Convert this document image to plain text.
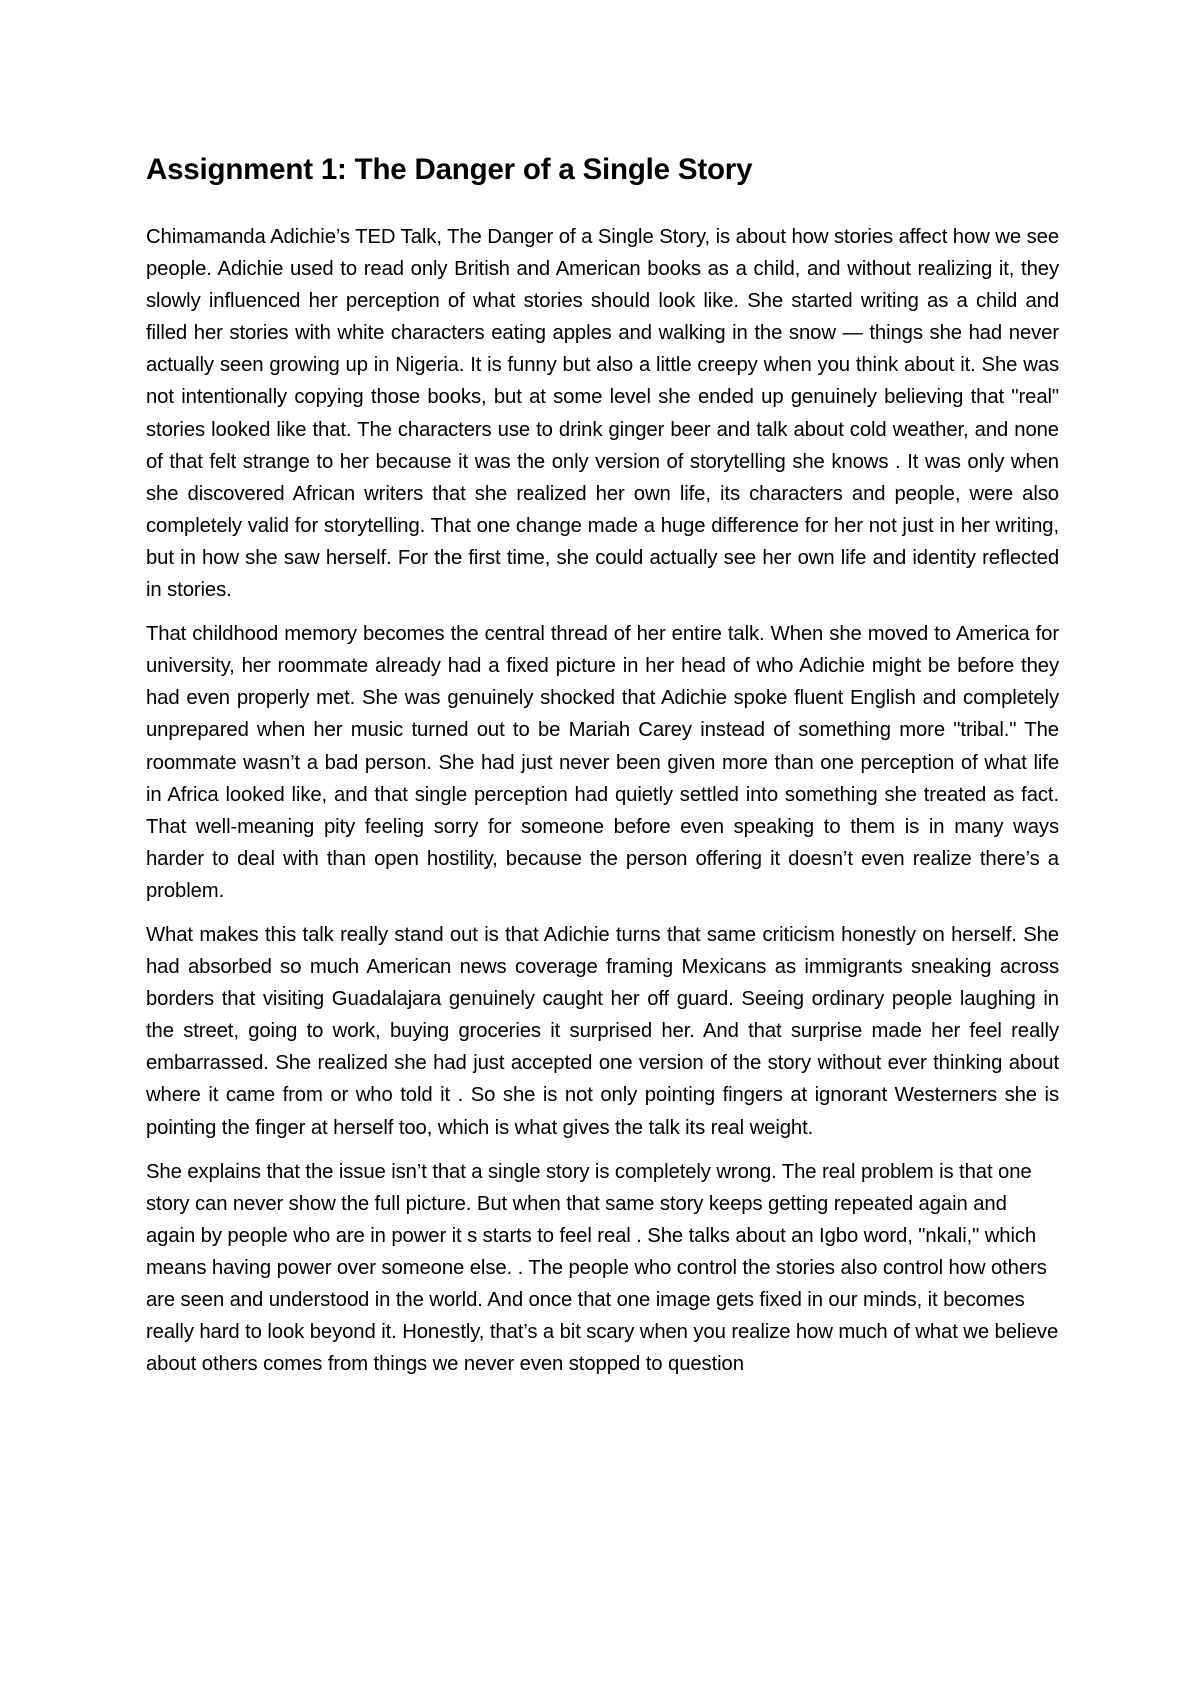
Assignment 1: The Danger of a Single Story

Chimamanda Adichie’s TED Talk, The Danger of a Single Story, is about how stories affect how we see people. Adichie used to read only British and American books as a child, and without realizing it, they slowly influenced her perception of what stories should look like. She started writing as a child and filled her stories with white characters eating apples and walking in the snow — things she had never actually seen growing up in Nigeria. It is funny but also a little creepy when you think about it. She was not intentionally copying those books, but at some level she ended up genuinely believing that "real" stories looked like that. The characters use to drink ginger beer and talk about cold weather, and none of that felt strange to her because it was the only version of storytelling she knows . It was only when she discovered African writers that she realized her own life, its characters and people, were also completely valid for storytelling. That one change made a huge difference for her not just in her writing, but in how she saw herself. For the first time, she could actually see her own life and identity reflected in stories.

That childhood memory becomes the central thread of her entire talk. When she moved to America for university, her roommate already had a fixed picture in her head of who Adichie might be before they had even properly met. She was genuinely shocked that Adichie spoke fluent English and completely unprepared when her music turned out to be Mariah Carey instead of something more "tribal." The roommate wasn’t a bad person. She had just never been given more than one perception of what life in Africa looked like, and that single perception had quietly settled into something she treated as fact. That well-meaning pity feeling sorry for someone before even speaking to them is in many ways harder to deal with than open hostility, because the person offering it doesn’t even realize there’s a problem.

What makes this talk really stand out is that Adichie turns that same criticism honestly on herself. She had absorbed so much American news coverage framing Mexicans as immigrants sneaking across borders that visiting Guadalajara genuinely caught her off guard. Seeing ordinary people laughing in the street, going to work, buying groceries it surprised her. And that surprise made her feel really embarrassed. She realized she had just accepted one version of the story without ever thinking about where it came from or who told it . So she is not only pointing fingers at ignorant Westerners she is pointing the finger at herself too, which is what gives the talk its real weight.

She explains that the issue isn’t that a single story is completely wrong. The real problem is that one story can never show the full picture. But when that same story keeps getting repeated again and again by people who are in power it s starts to feel real . She talks about an Igbo word, "nkali," which means having power over someone else. . The people who control the stories also control how others are seen and understood in the world. And once that one image gets fixed in our minds, it becomes really hard to look beyond it. Honestly, that’s a bit scary when you realize how much of what we believe about others comes from things we never even stopped to question
